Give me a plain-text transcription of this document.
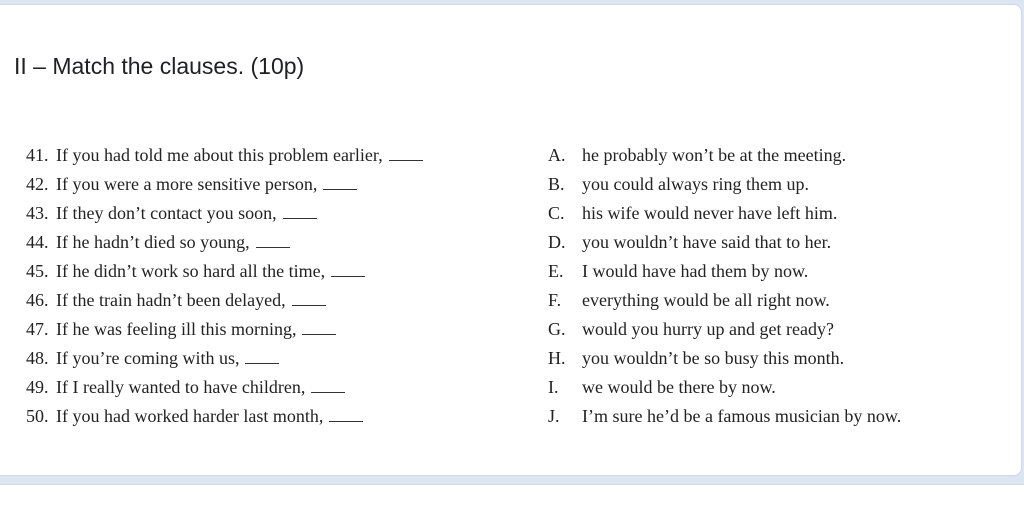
II – Match the clauses. (10p)
41. If you had told me about this problem earlier,
42. If you were a more sensitive person,
43. If they don’t contact you soon,
44. If he hadn’t died so young,
45. If he didn’t work so hard all the time,
46. If the train hadn’t been delayed,
47. If he was feeling ill this morning,
48. If you’re coming with us,
49. If I really wanted to have children,
50. If you had worked harder last month,
A. he probably won’t be at the meeting.
B. you could always ring them up.
C. his wife would never have left him.
D. you wouldn’t have said that to her.
E. I would have had them by now.
F. everything would be all right now.
G. would you hurry up and get ready?
H. you wouldn’t be so busy this month.
I. we would be there by now.
J. I’m sure he’d be a famous musician by now.
